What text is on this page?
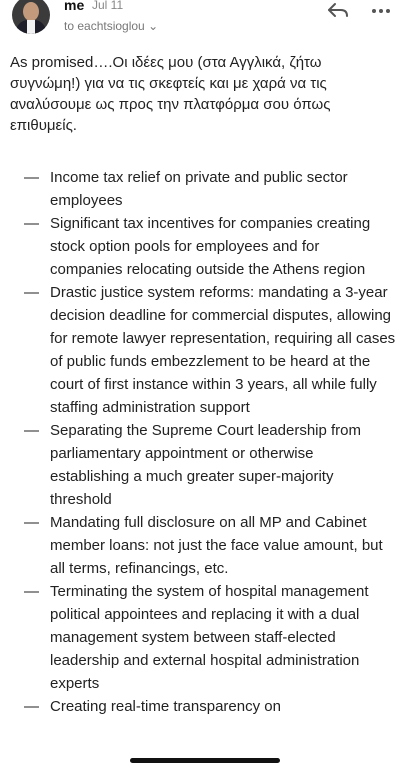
me Jul 11
to eachtsioglou ⌄

As promised….Οι ιδέες μου (στα Αγγλικά, ζήτω συγνώμη!) για να τις σκεφτείς και με χαρά να τις αναλύσουμε ως προς την πλατφόρμα σου όπως επιθυμείς.

— Income tax relief on private and public sector employees
— Significant tax incentives for companies creating stock option pools for employees and for companies relocating outside the Athens region
— Drastic justice system reforms: mandating a 3-year decision deadline for commercial disputes, allowing for remote lawyer representation, requiring all cases of public funds embezzlement to be heard at the court of first instance within 3 years, all while fully staffing administration support
— Separating the Supreme Court leadership from parliamentary appointment or otherwise establishing a much greater super-majority threshold
— Mandating full disclosure on all MP and Cabinet member loans: not just the face value amount, but all terms, refinancings, etc.
— Terminating the system of hospital management political appointees and replacing it with a dual management system between staff-elected leadership and external hospital administration experts
— Creating real-time transparency on
